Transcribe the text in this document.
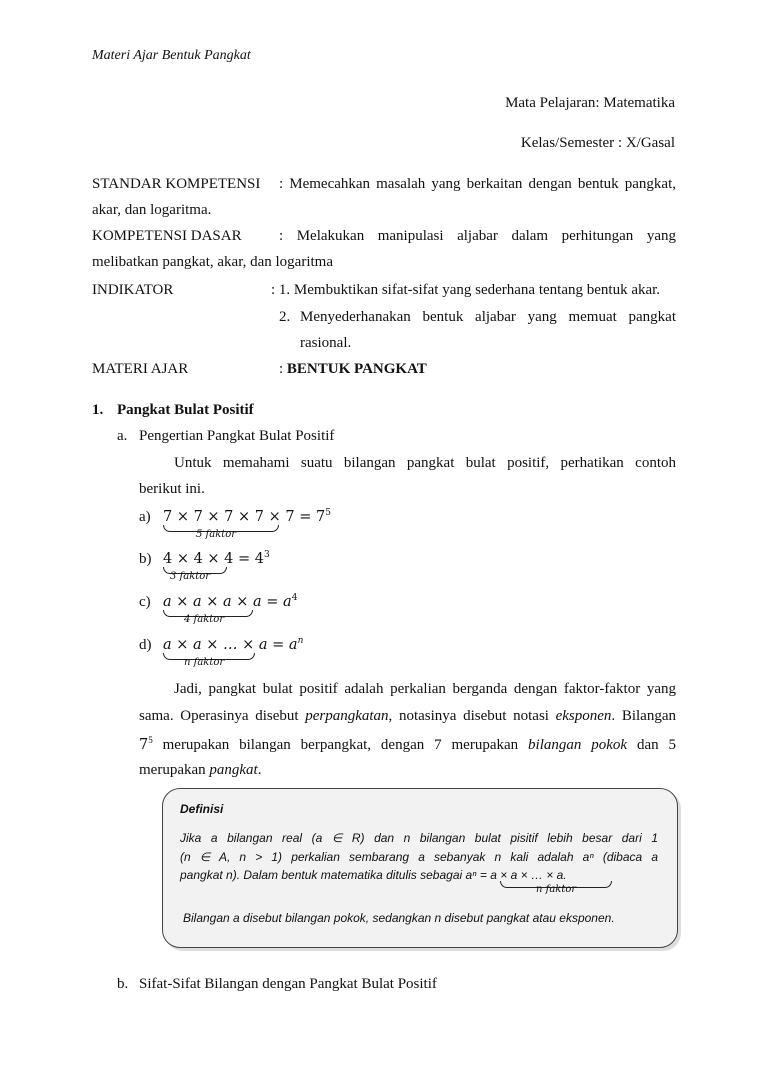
Materi Ajar Bentuk Pangkat
Mata Pelajaran: Matematika
Kelas/Semester : X/Gasal
STANDAR KOMPETENSI : Memecahkan masalah yang berkaitan dengan bentuk pangkat,
akar, dan logaritma.
KOMPETENSI DASAR : Melakukan manipulasi aljabar dalam perhitungan yang
melibatkan pangkat, akar, dan logaritma
INDIKATOR	: 1. Membuktikan sifat-sifat yang sederhana tentang bentuk akar.
2. Menyederhanakan bentuk aljabar yang memuat pangkat
rasional.
MATERI AJAR	: BENTUK PANGKAT
1. Pangkat Bulat Positif
a. Pengertian Pangkat Bulat Positif
Untuk memahami suatu bilangan pangkat bulat positif, perhatikan contoh
berikut ini.
a) $7 \times 7 \times 7 \times 7 \times 7 = 7^5$
5 faktor
b) $4 \times 4 \times 4 = 4^3$
3 faktor
c) $a \times a \times a \times a = a^4$
4 faktor
d) a × a × … × $a = a^n$
n faktor
Jadi, pangkat bulat positif adalah perkalian berganda dengan faktor-faktor yang
sama. Operasinya disebut perpangkatan, notasinya disebut notasi eksponen. Bilangan
$7^5$ merupakan bilangan berpangkat, dengan 7 merupakan bilangan pokok dan 5
merupakan pangkat.
Definisi
Jika a bilangan real (a ∈ R) dan n bilangan bulat pisitif lebih besar dari 1
(n ∈ A, n > 1) perkalian sembarang a sebanyak n kali adalah aⁿ (dibaca a
pangkat n). Dalam bentuk matematika ditulis sebagai aⁿ = a × a × … × a.
n faktor
Bilangan a disebut bilangan pokok, sedangkan n disebut pangkat atau eksponen.
b. Sifat-Sifat Bilangan dengan Pangkat Bulat Positif
